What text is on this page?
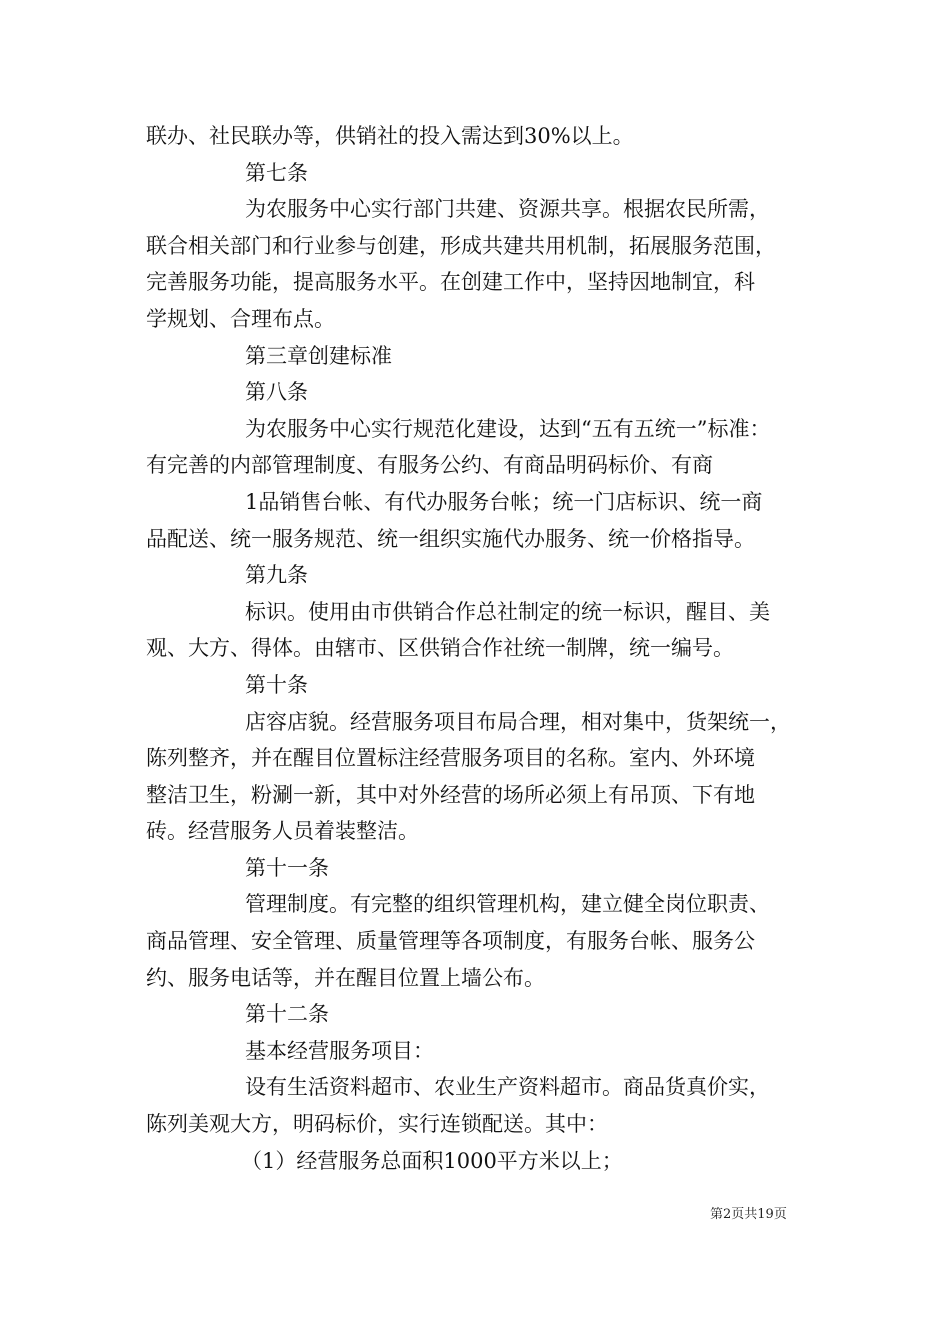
联办、社民联办等，供销社的投入需达到30%以上。
第七条
为农服务中心实行部门共建、资源共享。根据农民所需，
联合相关部门和行业参与创建，形成共建共用机制，拓展服务范围，
完善服务功能，提高服务水平。在创建工作中，坚持因地制宜，科
学规划、合理布点。
第三章创建标准
第八条
为农服务中心实行规范化建设，达到“五有五统一”标准：
有完善的内部管理制度、有服务公约、有商品明码标价、有商
1品销售台帐、有代办服务台帐；统一门店标识、统一商
品配送、统一服务规范、统一组织实施代办服务、统一价格指导。
第九条
标识。使用由市供销合作总社制定的统一标识，醒目、美
观、大方、得体。由辖市、区供销合作社统一制牌，统一编号。
第十条
店容店貌。经营服务项目布局合理，相对集中，货架统一，
陈列整齐，并在醒目位置标注经营服务项目的名称。室内、外环境
整洁卫生，粉涮一新，其中对外经营的场所必须上有吊顶、下有地
砖。经营服务人员着装整洁。
第十一条
管理制度。有完整的组织管理机构，建立健全岗位职责、
商品管理、安全管理、质量管理等各项制度，有服务台帐、服务公
约、服务电话等，并在醒目位置上墙公布。
第十二条
基本经营服务项目：
设有生活资料超市、农业生产资料超市。商品货真价实，
陈列美观大方，明码标价，实行连锁配送。其中：
（1）经营服务总面积1000平方米以上；
第2页共19页
